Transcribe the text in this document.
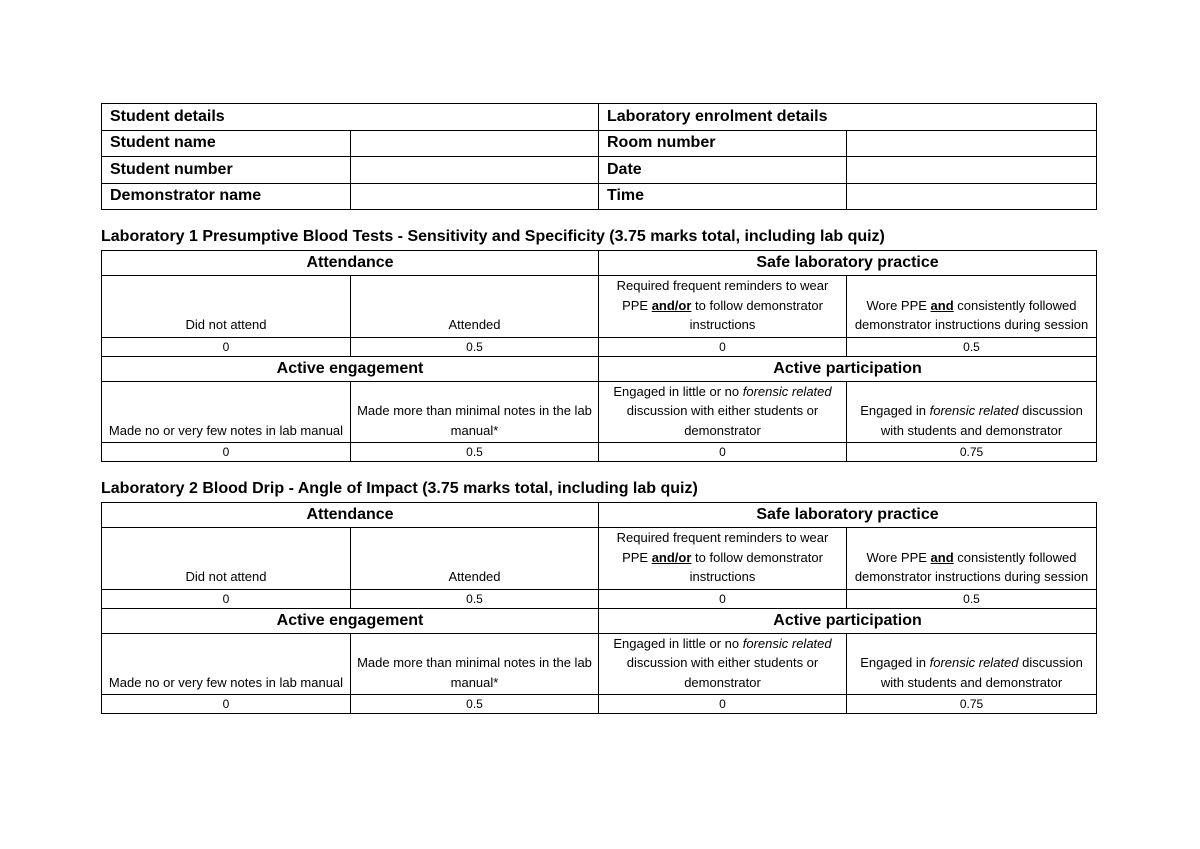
Student details		Laboratory enrolment details	
Student name		Room number	
Student number		Date	
Demonstrator name		Time	
Laboratory 1 Presumptive Blood Tests - Sensitivity and Specificity (3.75 marks total, including lab quiz)
Attendance		Safe laboratory practice	
Did not attend	Attended	Required frequent reminders to wear PPE and/or to follow demonstrator instructions	Wore PPE and consistently followed demonstrator instructions during session
0	0.5	0	0.5
Active engagement		Active participation	
Made no or very few notes in lab manual	Made more than minimal notes in the lab manual*	Engaged in little or no forensic related discussion with either students or demonstrator	Engaged in forensic related discussion with students and demonstrator
0	0.5	0	0.75
Laboratory 2 Blood Drip - Angle of Impact (3.75 marks total, including lab quiz)
Attendance		Safe laboratory practice	
Did not attend	Attended	Required frequent reminders to wear PPE and/or to follow demonstrator instructions	Wore PPE and consistently followed demonstrator instructions during session
0	0.5	0	0.5
Active engagement		Active participation	
Made no or very few notes in lab manual	Made more than minimal notes in the lab manual*	Engaged in little or no forensic related discussion with either students or demonstrator	Engaged in forensic related discussion with students and demonstrator
0	0.5	0	0.75
